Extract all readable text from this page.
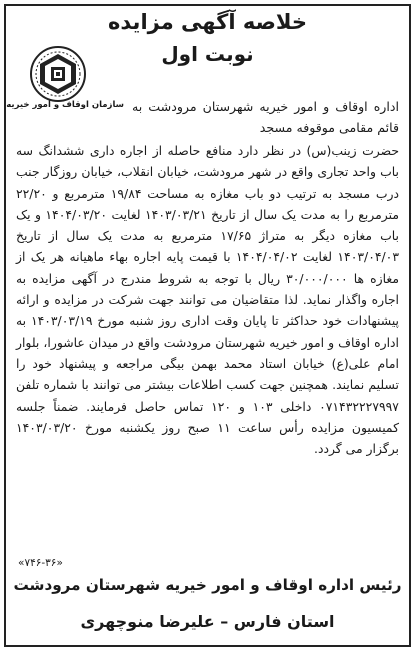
خلاصه آگهی مزایده
نوبت اول
سازمان اوقاف و امور خیریه اداره اوقاف و امور خیریه شهرستان مرودشت به قائم مقامی موقوفه مسجد
حضرت زینب(س) در نظر دارد منافع حاصله از اجاره داری ششدانگ سه باب واحد تجاری واقع در شهر مرودشت، خیابان انقلاب، خیابان روزگار جنب درب مسجد به ترتیب دو باب مغازه به مساحت ۱۹/۸۴ مترمربع و ۲۲/۲۰ مترمربع را به مدت یک سال از تاریخ ۱۴۰۳/۰۳/۲۱ لغایت ۱۴۰۴/۰۳/۲۰ و یک باب مغازه دیگر به متراژ ۱۷/۶۵ مترمربع به مدت یک سال از تاریخ ۱۴۰۳/۰۴/۰۳ لغایت ۱۴۰۴/۰۴/۰۲ با قیمت پایه اجاره بهاء ماهیانه هر یک از مغازه ها ۳۰/۰۰۰/۰۰۰ ریال با توجه به شروط مندرج در آگهی مزایده به اجاره واگذار نماید. لذا متقاضیان می توانند جهت شرکت در مزایده و ارائه پیشنهادات خود حداکثر تا پایان وقت اداری روز شنبه مورخ ۱۴۰۳/۰۳/۱۹ به اداره اوقاف و امور خیریه شهرستان مرودشت واقع در میدان عاشورا، بلوار امام علی(ع) خیابان استاد محمد بهمن بیگی مراجعه و پیشنهاد خود را تسلیم نمایند. همچنین جهت کسب اطلاعات بیشتر می توانند با شماره تلفن ۰۷۱۴۳۲۲۲۷۹۹۷ داخلی ۱۰۳ و ۱۲۰ تماس حاصل فرمایند. ضمناً جلسه کمیسیون مزایده رأس ساعت ۱۱ صبح روز یکشنبه مورخ ۱۴۰۳/۰۳/۲۰ برگزار می گردد.
«۷۴۶-۳۶»
رئیس اداره اوقاف و امور خیریه شهرستان مرودشت
استان فارس – علیرضا منوچهری
